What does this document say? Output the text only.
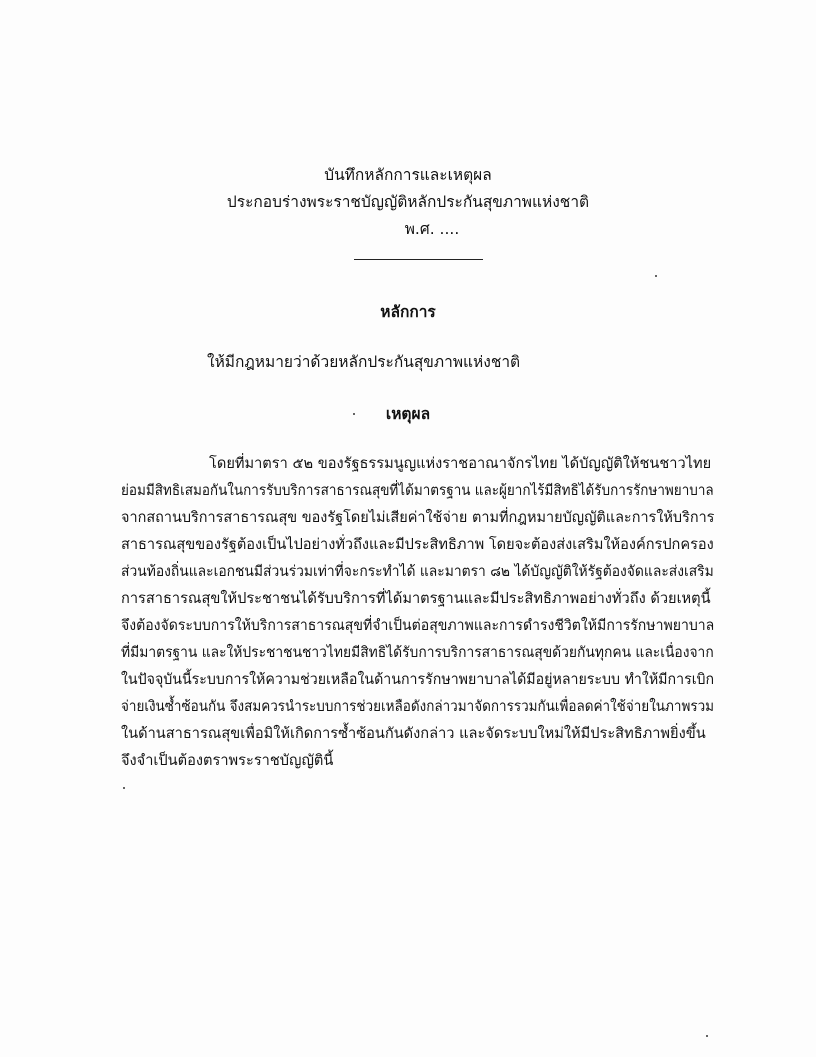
บันทึกหลักการและเหตุผล
ประกอบร่างพระราชบัญญัติหลักประกันสุขภาพแห่งชาติ
พ.ศ. ....
หลักการ
ให้มีกฎหมายว่าด้วยหลักประกันสุขภาพแห่งชาติ
เหตุผล
โดยที่มาตรา ๕๒ ของรัฐธรรมนูญแห่งราชอาณาจักรไทย ได้บัญญัติให้ชนชาวไทย
ย่อมมีสิทธิเสมอกันในการรับบริการสาธารณสุขที่ได้มาตรฐาน และผู้ยากไร้มีสิทธิได้รับการรักษาพยาบาล
จากสถานบริการสาธารณสุข ของรัฐโดยไม่เสียค่าใช้จ่าย ตามที่กฎหมายบัญญัติและการให้บริการ
สาธารณสุขของรัฐต้องเป็นไปอย่างทั่วถึงและมีประสิทธิภาพ โดยจะต้องส่งเสริมให้องค์กรปกครอง
ส่วนท้องถิ่นและเอกชนมีส่วนร่วมเท่าที่จะกระทำได้ และมาตรา ๘๒ ได้บัญญัติให้รัฐต้องจัดและส่งเสริม
การสาธารณสุขให้ประชาชนได้รับบริการที่ได้มาตรฐานและมีประสิทธิภาพอย่างทั่วถึง ด้วยเหตุนี้
จึงต้องจัดระบบการให้บริการสาธารณสุขที่จำเป็นต่อสุขภาพและการดำรงชีวิตให้มีการรักษาพยาบาล
ที่มีมาตรฐาน และให้ประชาชนชาวไทยมีสิทธิได้รับการบริการสาธารณสุขด้วยกันทุกคน และเนื่องจาก
ในปัจจุบันนี้ระบบการให้ความช่วยเหลือในด้านการรักษาพยาบาลได้มีอยู่หลายระบบ ทำให้มีการเบิก
จ่ายเงินซ้ำซ้อนกัน จึงสมควรนำระบบการช่วยเหลือดังกล่าวมาจัดการรวมกันเพื่อลดค่าใช้จ่ายในภาพรวม
ในด้านสาธารณสุขเพื่อมิให้เกิดการซ้ำซ้อนกันดังกล่าว และจัดระบบใหม่ให้มีประสิทธิภาพยิ่งขึ้น
จึงจำเป็นต้องตราพระราชบัญญัตินี้
